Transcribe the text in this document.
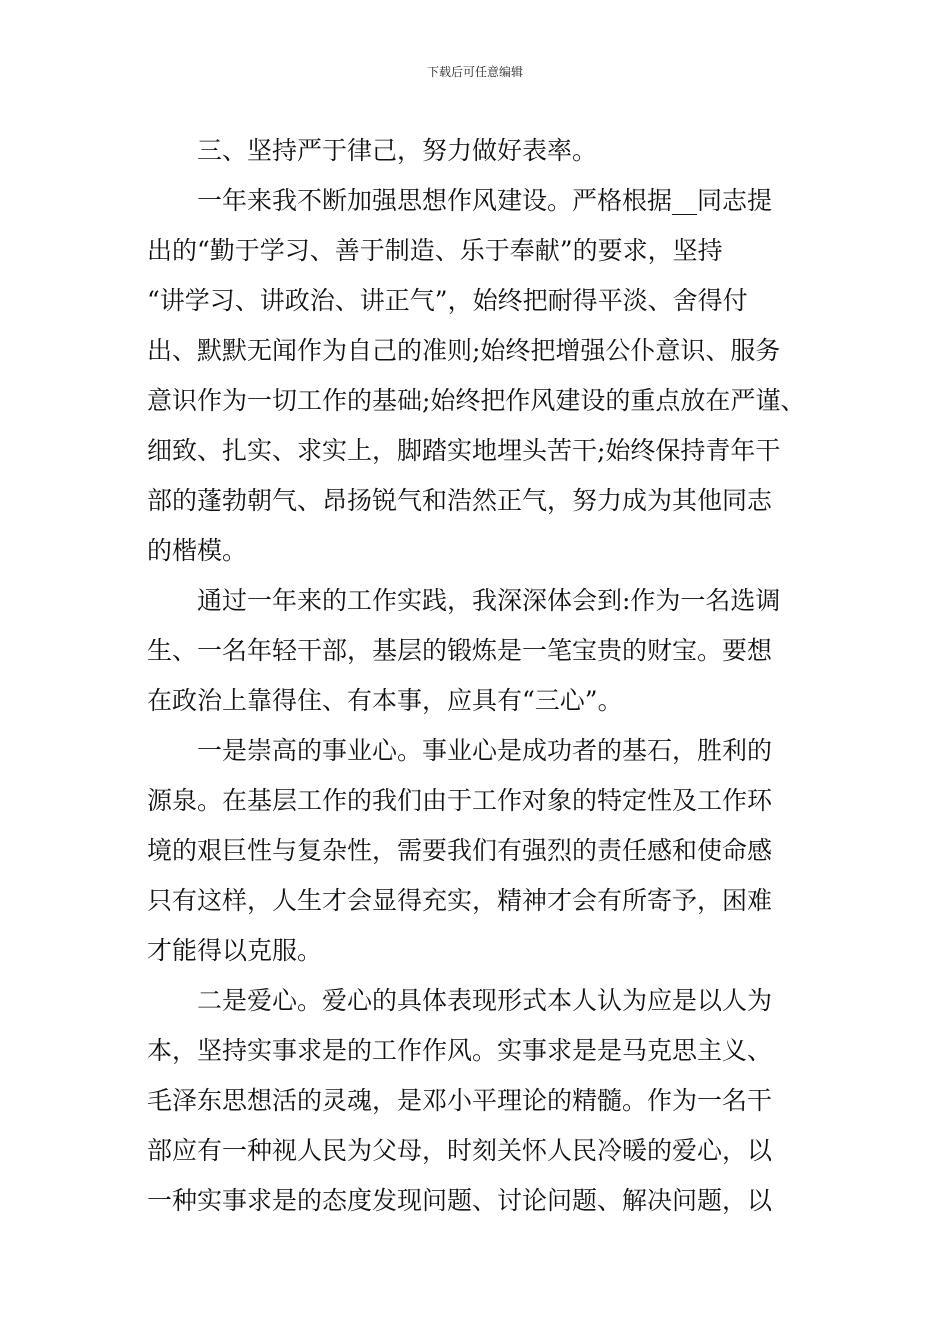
下载后可任意编辑
三、坚持严于律己，努力做好表率。
一年来我不断加强思想作风建设。严格根据__同志提
出的“勤于学习、善于制造、乐于奉献”的要求，坚持
“讲学习、讲政治、讲正气”，始终把耐得平淡、舍得付
出、默默无闻作为自己的准则;始终把增强公仆意识、服务
意识作为一切工作的基础;始终把作风建设的重点放在严谨、
细致、扎实、求实上，脚踏实地埋头苦干;始终保持青年干
部的蓬勃朝气、昂扬锐气和浩然正气，努力成为其他同志
的楷模。
通过一年来的工作实践，我深深体会到:作为一名选调
生、一名年轻干部，基层的锻炼是一笔宝贵的财宝。要想
在政治上靠得住、有本事，应具有“三心”。
一是崇高的事业心。事业心是成功者的基石，胜利的
源泉。在基层工作的我们由于工作对象的特定性及工作环
境的艰巨性与复杂性，需要我们有强烈的责任感和使命感
只有这样，人生才会显得充实，精神才会有所寄予，困难
才能得以克服。
二是爱心。爱心的具体表现形式本人认为应是以人为
本，坚持实事求是的工作作风。实事求是是马克思主义、
毛泽东思想活的灵魂，是邓小平理论的精髓。作为一名干
部应有一种视人民为父母，时刻关怀人民冷暖的爱心，以
一种实事求是的态度发现问题、讨论问题、解决问题，以
